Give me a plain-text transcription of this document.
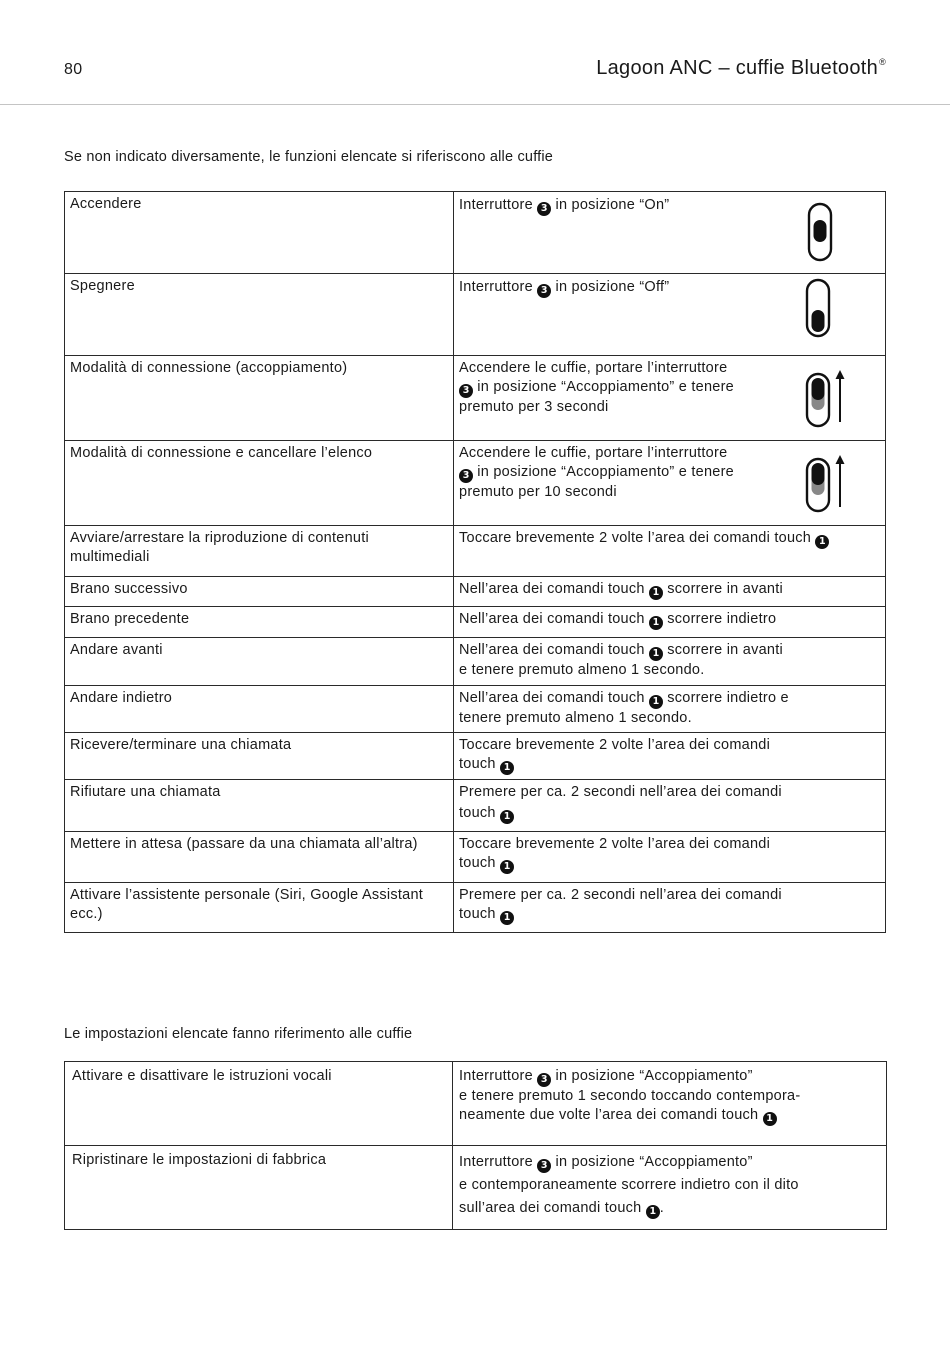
80	Lagoon ANC – cuffie Bluetooth®
Se non indicato diversamente, le funzioni elencate si riferiscono alle cuffie
Accendere	Interruttore 3 in posizione “On”

Spegnere	Interruttore 3 in posizione “Off”

Modalità di connessione (accoppiamento)	Accendere le cuffie, portare l’interruttore
3 in posizione “Accoppiamento” e tenere
premuto per 3 secondi

Modalità di connessione e cancellare l’elenco	Accendere le cuffie, portare l’interruttore
3 in posizione “Accoppiamento” e tenere
premuto per 10 secondi

Avviare/arrestare la riproduzione di contenuti multimediali	Toccare brevemente 2 volte l’area dei comandi touch 1
Brano successivo	Nell’area dei comandi touch 1 scorrere in avanti
Brano precedente	Nell’area dei comandi touch 1 scorrere indietro
Andare avanti	Nell’area dei comandi touch 1 scorrere in avanti
e tenere premuto almeno 1 secondo.

Andare indietro	Nell’area dei comandi touch 1 scorrere indietro e
tenere premuto almeno 1 secondo.

Ricevere/terminare una chiamata	Toccare brevemente 2 volte l’area dei comandi
touch 1

Rifiutare una chiamata	Premere per ca. 2 secondi nell’area dei comandi
touch 1

Mettere in attesa (passare da una chiamata all’altra)	Toccare brevemente 2 volte l’area dei comandi
touch 1

Attivare l’assistente personale (Siri, Google Assistant ecc.)	Premere per ca. 2 secondi nell’area dei comandi
touch 1
Le impostazioni elencate fanno riferimento alle cuffie
Attivare e disattivare le istruzioni vocali	Interruttore 3 in posizione “Accoppiamento”
e tenere premuto 1 secondo toccando contempora-
neamente due volte l’area dei comandi touch 1

Ripristinare le impostazioni di fabbrica	Interruttore 3 in posizione “Accoppiamento”
e contemporaneamente scorrere indietro con il dito
sull’area dei comandi touch 1 .
